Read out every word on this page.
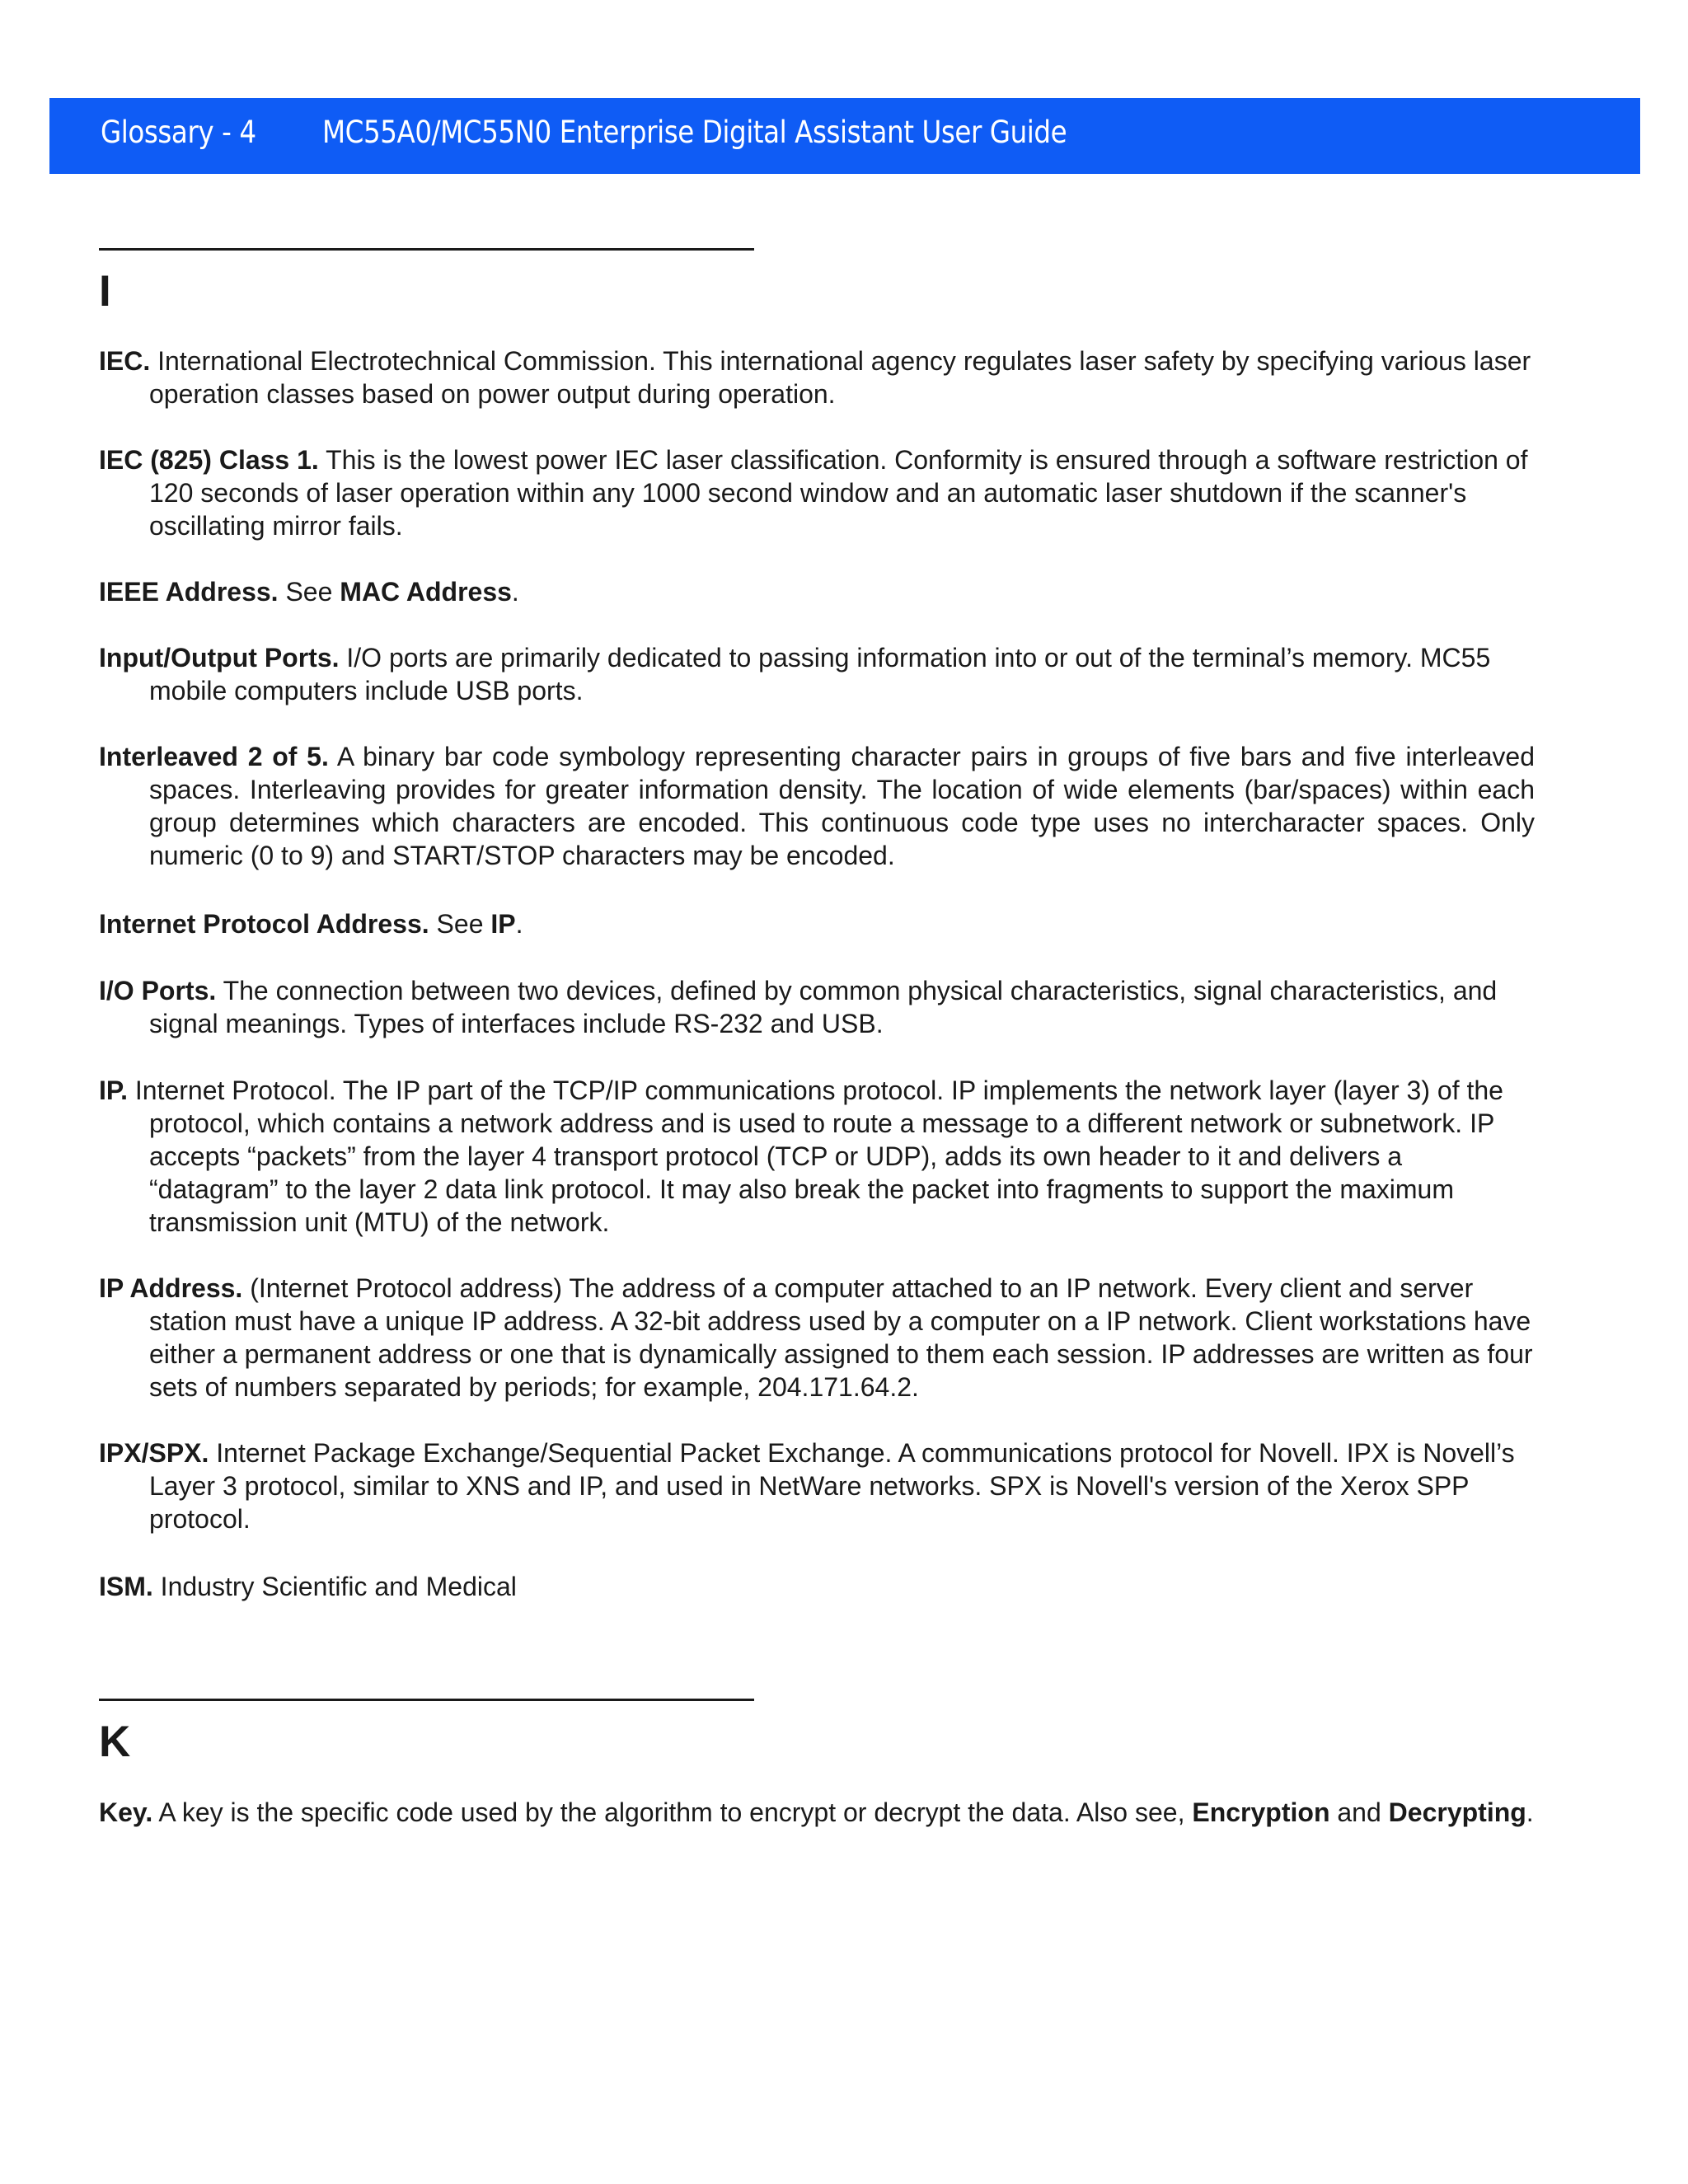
Glossary - 4 MC55A0/MC55N0 Enterprise Digital Assistant User Guide
I
IEC. International Electrotechnical Commission. This international agency regulates laser safety by specifying various laser operation classes based on power output during operation.
IEC (825) Class 1. This is the lowest power IEC laser classification. Conformity is ensured through a software restriction of 120 seconds of laser operation within any 1000 second window and an automatic laser shutdown if the scanner's oscillating mirror fails.
IEEE Address. See MAC Address.
Input/Output Ports. I/O ports are primarily dedicated to passing information into or out of the terminal’s memory. MC55 mobile computers include USB ports.
Interleaved 2 of 5. A binary bar code symbology representing character pairs in groups of five bars and five interleaved spaces. Interleaving provides for greater information density. The location of wide elements (bar/spaces) within each group determines which characters are encoded. This continuous code type uses no intercharacter spaces. Only numeric (0 to 9) and START/STOP characters may be encoded.
Internet Protocol Address. See IP.
I/O Ports. The connection between two devices, defined by common physical characteristics, signal characteristics, and signal meanings. Types of interfaces include RS-232 and USB.
IP. Internet Protocol. The IP part of the TCP/IP communications protocol. IP implements the network layer (layer 3) of the protocol, which contains a network address and is used to route a message to a different network or subnetwork. IP accepts “packets” from the layer 4 transport protocol (TCP or UDP), adds its own header to it and delivers a “datagram” to the layer 2 data link protocol. It may also break the packet into fragments to support the maximum transmission unit (MTU) of the network.
IP Address. (Internet Protocol address) The address of a computer attached to an IP network. Every client and server station must have a unique IP address. A 32-bit address used by a computer on a IP network. Client workstations have either a permanent address or one that is dynamically assigned to them each session. IP addresses are written as four sets of numbers separated by periods; for example, 204.171.64.2.
IPX/SPX. Internet Package Exchange/Sequential Packet Exchange. A communications protocol for Novell. IPX is Novell’s Layer 3 protocol, similar to XNS and IP, and used in NetWare networks. SPX is Novell's version of the Xerox SPP protocol.
ISM. Industry Scientific and Medical
K
Key. A key is the specific code used by the algorithm to encrypt or decrypt the data. Also see, Encryption and Decrypting.
